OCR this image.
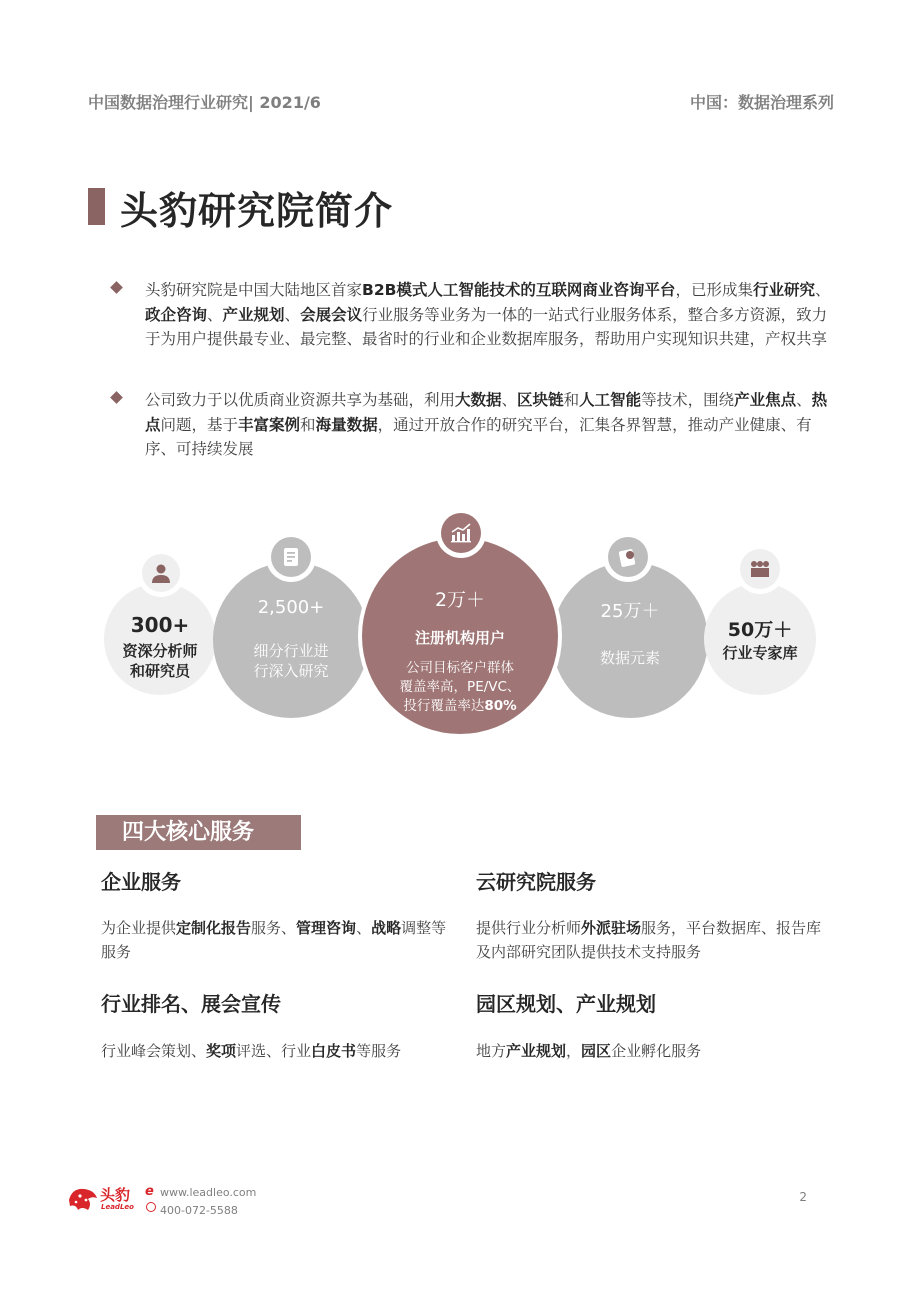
中国数据治理行业研究| 2021/6	中国：数据治理系列
头豹研究院简介
头豹研究院是中国大陆地区首家B2B模式人工智能技术的互联网商业咨询平台，已形成集行业研究、政企咨询、产业规划、会展会议行业服务等业务为一体的一站式行业服务体系，整合多方资源，致力于为用户提供最专业、最完整、最省时的行业和企业数据库服务，帮助用户实现知识共建，产权共享
公司致力于以优质商业资源共享为基础，利用大数据、区块链和人工智能等技术，围绕产业焦点、热点问题，基于丰富案例和海量数据，通过开放合作的研究平台，汇集各界智慧，推动产业健康、有序、可持续发展
300+
资深分析师
和研究员
2,500+
细分行业进
行深入研究
25万＋
数据元素
50万＋
行业专家库
2万＋
注册机构用户
公司目标客户群体
覆盖率高，PE/VC、
投行覆盖率达80%
四大核心服务
企业服务
为企业提供定制化报告服务、管理咨询、战略调整等服务
云研究院服务
提供行业分析师外派驻场服务，平台数据库、报告库及内部研究团队提供技术支持服务
行业排名、展会宣传
行业峰会策划、奖项评选、行业白皮书等服务
园区规划、产业规划
地方产业规划，园区企业孵化服务
头豹
LeadLeo
e www.leadleo.com
400-072-5588
2
